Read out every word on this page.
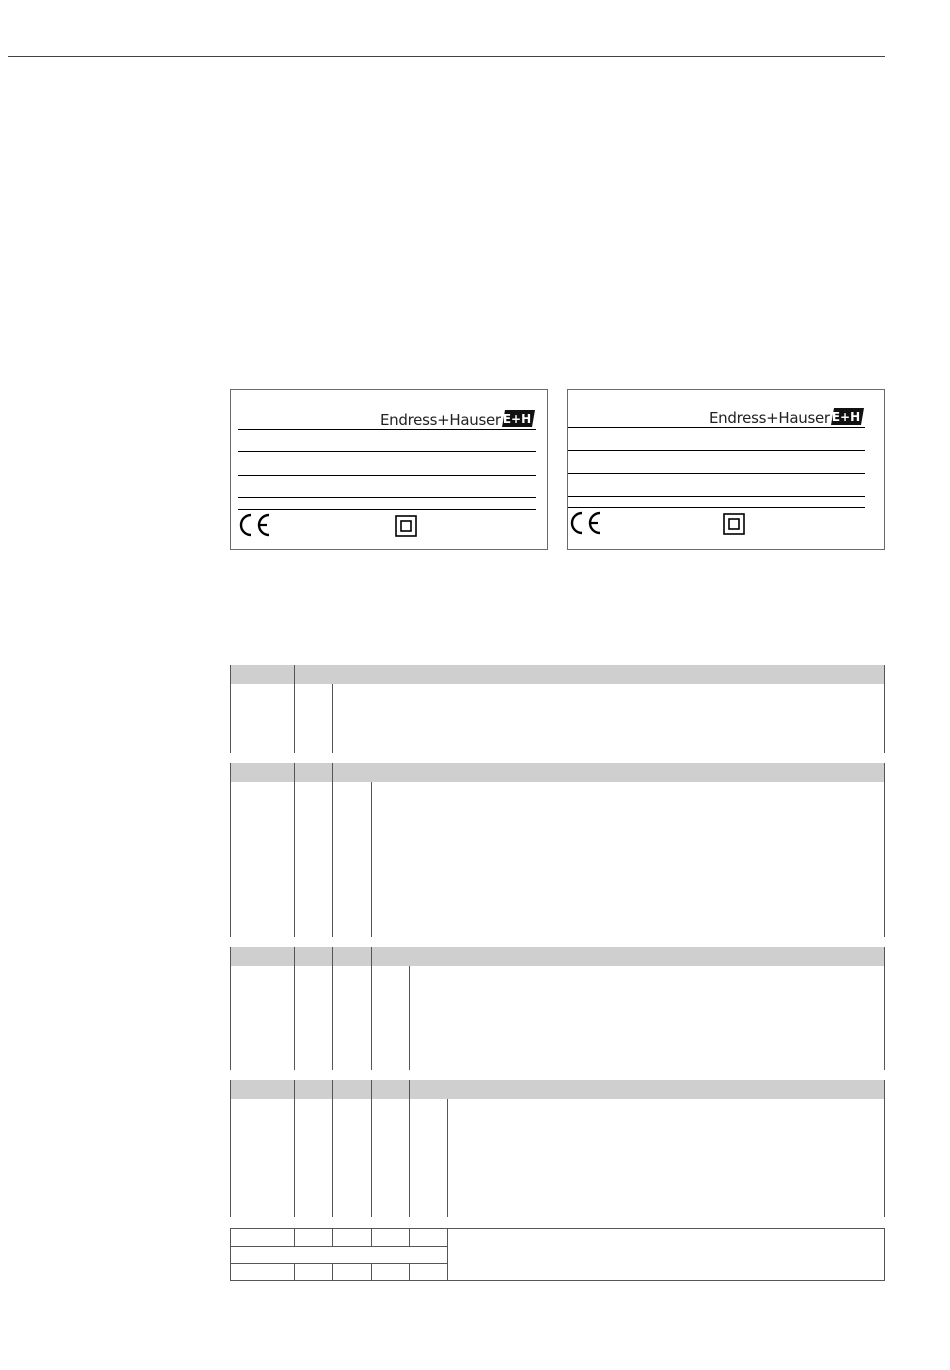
Endress+Hauser E+H	Endress+Hauser E+H
